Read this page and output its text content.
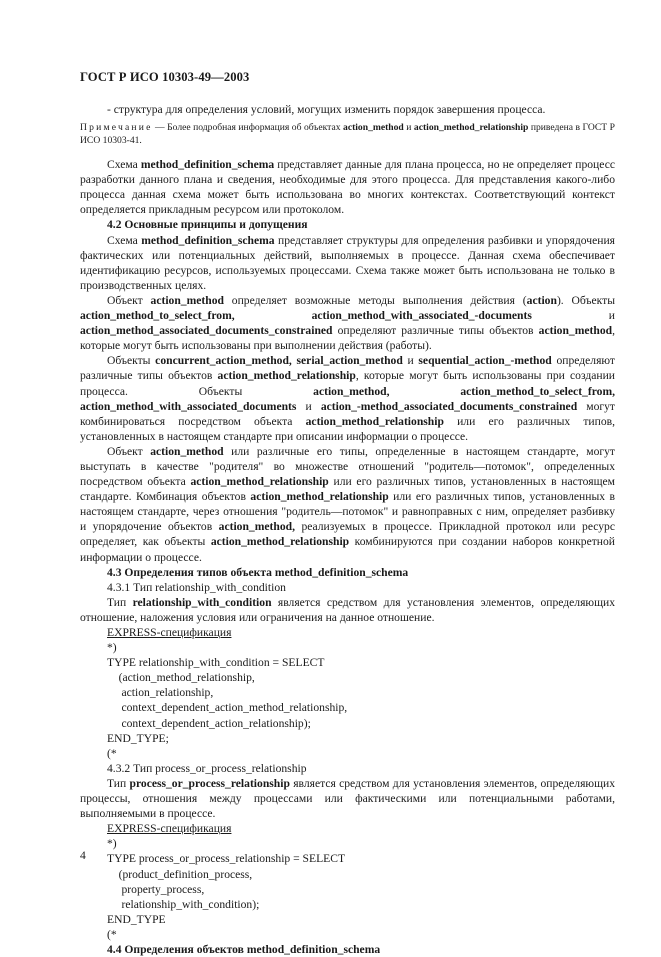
ГОСТ Р ИСО 10303-49—2003

- структура для определения условий, могущих изменить порядок завершения процесса.

Примечание — Более подробная информация об объектах action_method и action_method_relationship приведена в ГОСТ Р ИСО 10303-41.

Схема method_definition_schema представляет данные для плана процесса, но не определяет процесс разработки данного плана и сведения, необходимые для этого процесса. Для представления какого-либо процесса данная схема может быть использована во многих контекстах. Соответствующий контекст определяется прикладным ресурсом или протоколом.

4.2 Основные принципы и допущения

Схема method_definition_schema представляет структуры для определения разбивки и упорядочения фактических или потенциальных действий, выполняемых в процессе. Данная схема обеспечивает идентификацию ресурсов, используемых процессами. Схема также может быть использована не только в производственных целях.

Объект action_method определяет возможные методы выполнения действия (action). Объекты action_method_to_select_from,	action_method_with_associated_-documents и action_method_associated_documents_constrained определяют различные типы объектов action_method, которые могут быть использованы при выполнении действия (работы).

Объекты concurrent_action_method, serial_action_method и sequential_action_-method определяют различные типы объектов action_method_relationship, которые могут быть использованы при создании процесса. Объекты action_method, action_method_to_select_from, action_method_with_associated_documents и action_-method_associated_documents_constrained могут комбинироваться посредством объекта action_method_relationship или его различных типов, установленных в настоящем стандарте при описании информации о процессе.

Объект action_method или различные его типы, определенные в настоящем стандарте, могут выступать в качестве "родителя" во множестве отношений "родитель—потомок", определенных посредством объекта action_method_relationship или его различных типов, установленных в настоящем стандарте. Комбинация объектов action_method_relationship или его различных типов, установленных в настоящем стандарте, через отношения "родитель—потомок" и равноправных с ним, определяет разбивку и упорядочение объектов action_method, реализуемых в процессе. Прикладной протокол или ресурс определяет, как объекты action_method_relationship комбинируются при создании наборов конкретной информации о процессе.

4.3 Определения типов объекта method_definition_schema

4.3.1 Тип relationship_with_condition

Тип relationship_with_condition является средством для установления элементов, определяющих отношение, наложения условия или ограничения на данное отношение.

EXPRESS-спецификация
*)
TYPE relationship_with_condition = SELECT
(action_method_relationship,
action_relationship,
context_dependent_action_method_relationship,
context_dependent_action_relationship);
END_TYPE;
(*

4.3.2 Тип process_or_process_relationship

Тип process_or_process_relationship является средством для установления элементов, определяющих процессы, отношения между процессами или фактическими или потенциальными работами, выполняемыми в процессе.

EXPRESS-спецификация
*)
TYPE process_or_process_relationship = SELECT
(product_definition_process,
property_process,
relationship_with_condition);
END_TYPE
(*

4.4 Определения объектов method_definition_schema

4
